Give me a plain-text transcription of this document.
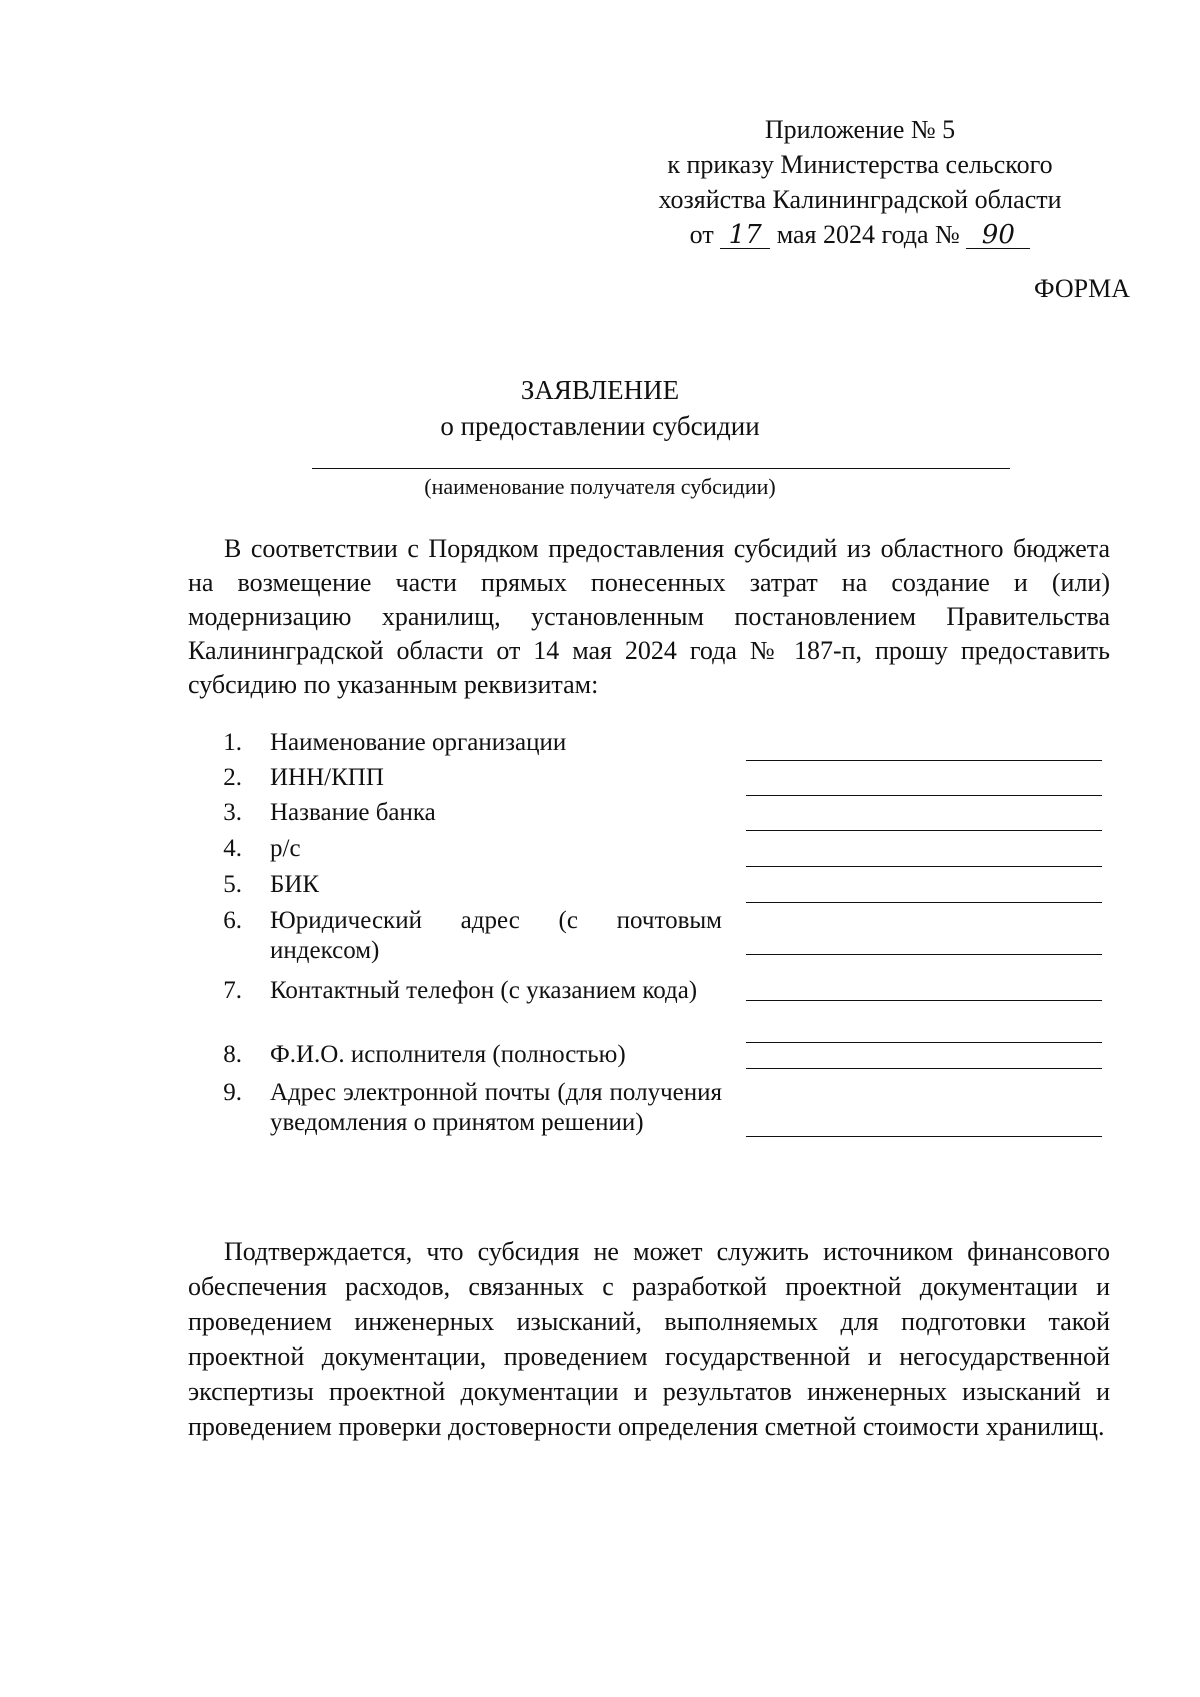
Приложение № 5
к приказу Министерства сельского
хозяйства Калининградской области
от 17 мая 2024 года № 90
ФОРМА
ЗАЯВЛЕНИЕ
о предоставлении субсидии
(наименование получателя субсидии)

В соответствии с Порядком предоставления субсидий из областного бюджета на возмещение части прямых понесенных затрат на создание и (или) модернизацию хранилищ, установленным постановлением Правительства Калининградской области от 14 мая 2024 года № 187-п, прошу предоставить субсидию по указанным реквизитам:

1. Наименование организации
2. ИНН/КПП
3. Название банка
4. р/с
5. БИК
6. Юридический адрес (с почтовым индексом)
7. Контактный телефон (с указанием кода)
8. Ф.И.О. исполнителя (полностью)
9. Адрес электронной почты (для получения уведомления о принятом решении)

Подтверждается, что субсидия не может служить источником финансового обеспечения расходов, связанных с разработкой проектной документации и проведением инженерных изысканий, выполняемых для подготовки такой проектной документации, проведением государственной и негосударственной экспертизы проектной документации и результатов инженерных изысканий и проведением проверки достоверности определения сметной стоимости хранилищ.
